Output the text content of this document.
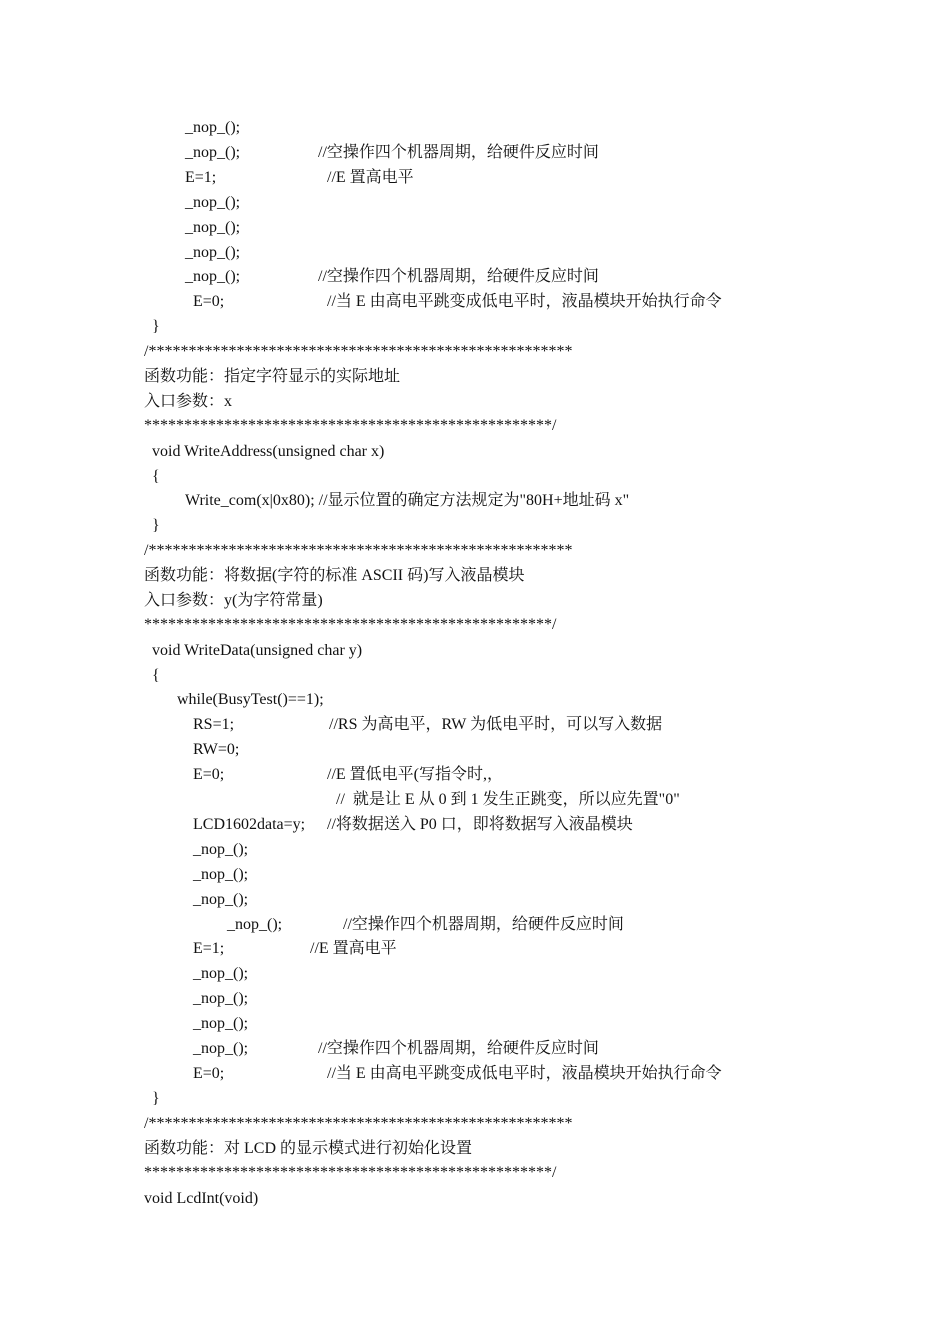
_nop_();
_nop_();	//空操作四个机器周期，给硬件反应时间
E=1;	//E 置高电平
_nop_();
_nop_();
_nop_();
_nop_();	//空操作四个机器周期，给硬件反应时间
E=0;	//当 E 由高电平跳变成低电平时，液晶模块开始执行命令
}
/*****************************************************
函数功能：指定字符显示的实际地址
入口参数：x
***************************************************/
void WriteAddress(unsigned char x)
{
Write_com(x|0x80); //显示位置的确定方法规定为"80H+地址码 x"
}
/*****************************************************
函数功能：将数据(字符的标准 ASCII 码)写入液晶模块
入口参数：y(为字符常量)
***************************************************/
void WriteData(unsigned char y)
{
while(BusyTest()==1);
RS=1;	//RS 为高电平，RW 为低电平时，可以写入数据
RW=0;
E=0;	//E 置低电平(写指令时,，
//  就是让 E 从 0 到 1 发生正跳变，所以应先置"0"
LCD1602data=y; //将数据送入 P0 口，即将数据写入液晶模块
_nop_();
_nop_();
_nop_();
_nop_();	//空操作四个机器周期，给硬件反应时间
E=1;	//E 置高电平
_nop_();
_nop_();
_nop_();
_nop_();	//空操作四个机器周期，给硬件反应时间
E=0;	//当 E 由高电平跳变成低电平时，液晶模块开始执行命令
}
/*****************************************************
函数功能：对 LCD 的显示模式进行初始化设置
***************************************************/
void LcdInt(void)
